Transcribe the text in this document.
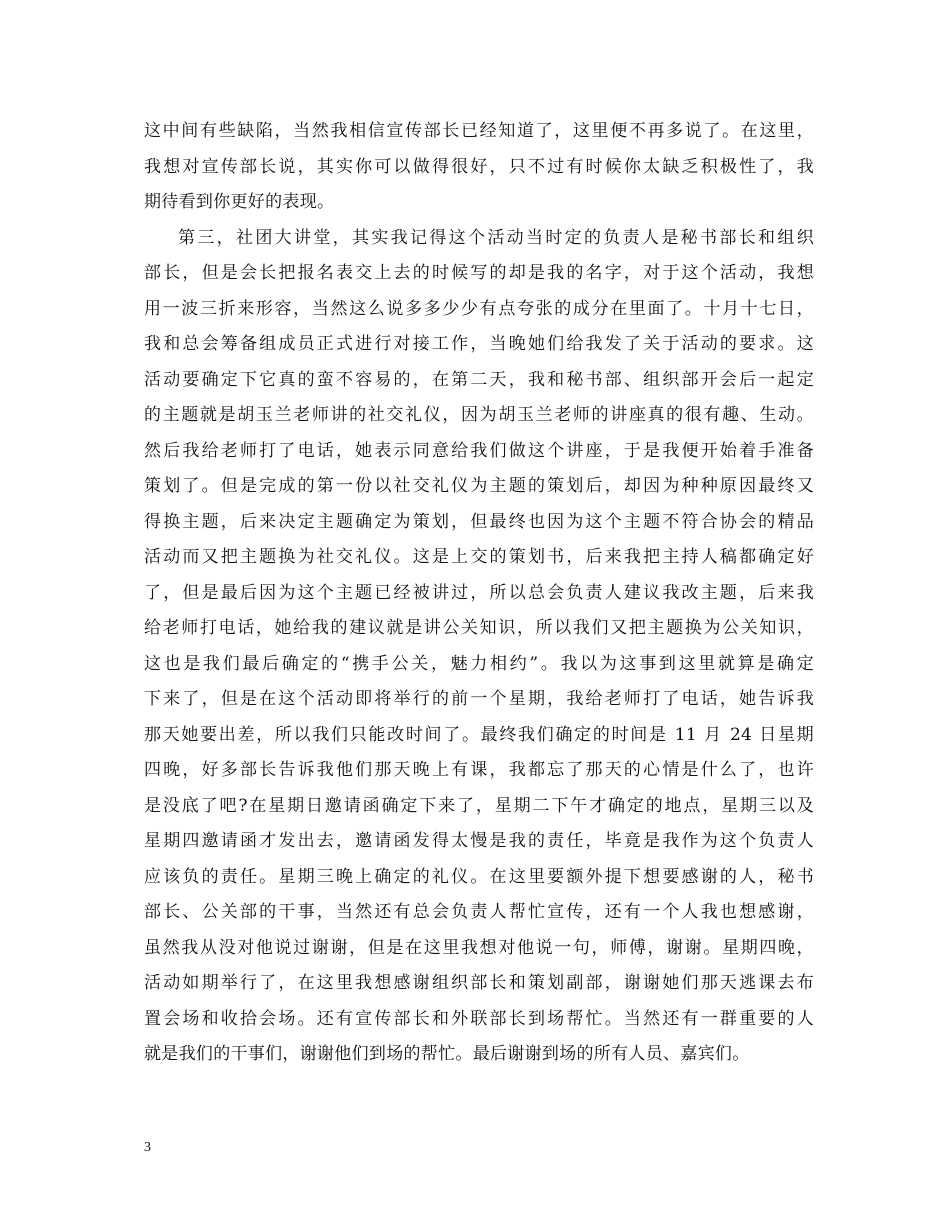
这中间有些缺陷，当然我相信宣传部长已经知道了，这里便不再多说了。在这里，
我想对宣传部长说，其实你可以做得很好，只不过有时候你太缺乏积极性了，我
期待看到你更好的表现。
第三，社团大讲堂，其实我记得这个活动当时定的负责人是秘书部长和组织
部长，但是会长把报名表交上去的时候写的却是我的名字，对于这个活动，我想
用一波三折来形容，当然这么说多多少少有点夸张的成分在里面了。十月十七日，
我和总会筹备组成员正式进行对接工作，当晚她们给我发了关于活动的要求。这
活动要确定下它真的蛮不容易的，在第二天，我和秘书部、组织部开会后一起定
的主题就是胡玉兰老师讲的社交礼仪，因为胡玉兰老师的讲座真的很有趣、生动。
然后我给老师打了电话，她表示同意给我们做这个讲座，于是我便开始着手准备
策划了。但是完成的第一份以社交礼仪为主题的策划后，却因为种种原因最终又
得换主题，后来决定主题确定为策划，但最终也因为这个主题不符合协会的精品
活动而又把主题换为社交礼仪。这是上交的策划书，后来我把主持人稿都确定好
了，但是最后因为这个主题已经被讲过，所以总会负责人建议我改主题，后来我
给老师打电话，她给我的建议就是讲公关知识，所以我们又把主题换为公关知识，
这也是我们最后确定的“携手公关，魅力相约”。我以为这事到这里就算是确定
下来了，但是在这个活动即将举行的前一个星期，我给老师打了电话，她告诉我
那天她要出差，所以我们只能改时间了。最终我们确定的时间是 11 月 24 日星期
四晚，好多部长告诉我他们那天晚上有课，我都忘了那天的心情是什么了，也许
是没底了吧?在星期日邀请函确定下来了，星期二下午才确定的地点，星期三以及
星期四邀请函才发出去，邀请函发得太慢是我的责任，毕竟是我作为这个负责人
应该负的责任。星期三晚上确定的礼仪。在这里要额外提下想要感谢的人，秘书
部长、公关部的干事，当然还有总会负责人帮忙宣传，还有一个人我也想感谢，
虽然我从没对他说过谢谢，但是在这里我想对他说一句，师傅，谢谢。星期四晚，
活动如期举行了，在这里我想感谢组织部长和策划副部，谢谢她们那天逃课去布
置会场和收拾会场。还有宣传部长和外联部长到场帮忙。当然还有一群重要的人
就是我们的干事们，谢谢他们到场的帮忙。最后谢谢到场的所有人员、嘉宾们。
3
